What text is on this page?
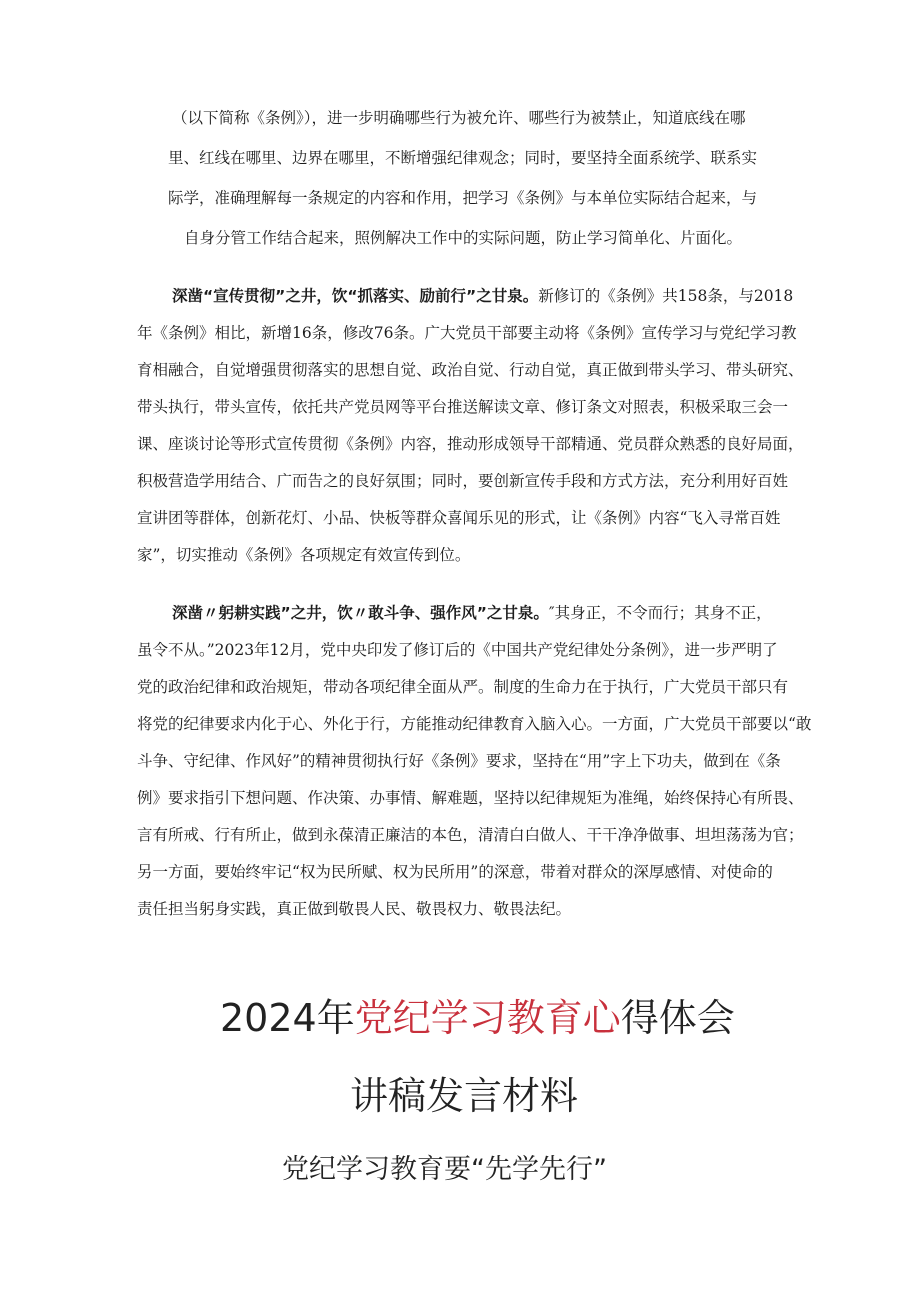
（以下简称《条例》），进一步明确哪些行为被允许、哪些行为被禁止，知道底线在哪
里、红线在哪里、边界在哪里，不断增强纪律观念；同时，要坚持全面系统学、联系实
际学，准确理解每一条规定的内容和作用，把学习《条例》与本单位实际结合起来，与
自身分管工作结合起来，照例解决工作中的实际问题，防止学习简单化、片面化。
深凿“宣传贯彻”之井，饮“抓落实、励前行”之甘泉。新修订的《条例》共158条，与2018
年《条例》相比，新增16条，修改76条。广大党员干部要主动将《条例》宣传学习与党纪学习教
育相融合，自觉增强贯彻落实的思想自觉、政治自觉、行动自觉，真正做到带头学习、带头研究、
带头执行，带头宣传，依托共产党员网等平台推送解读文章、修订条文对照表，积极采取三会一
课、座谈讨论等形式宣传贯彻《条例》内容，推动形成领导干部精通、党员群众熟悉的良好局面，
积极营造学用结合、广而告之的良好氛围；同时，要创新宣传手段和方式方法，充分利用好百姓
宣讲团等群体，创新花灯、小品、快板等群众喜闻乐见的形式，让《条例》内容“飞入寻常百姓
家”，切实推动《条例》各项规定有效宣传到位。
深凿〃躬耕实践”之井，饮〃敢斗争、强作风”之甘泉。″其身正，不令而行；其身不正，
虽令不从。”2023年12月，党中央印发了修订后的《中国共产党纪律处分条例》，进一步严明了
党的政治纪律和政治规矩，带动各项纪律全面从严。制度的生命力在于执行，广大党员干部只有
将党的纪律要求内化于心、外化于行，方能推动纪律教育入脑入心。一方面，广大党员干部要以“敢
斗争、守纪律、作风好”的精神贯彻执行好《条例》要求，坚持在“用”字上下功夫，做到在《条
例》要求指引下想问题、作决策、办事情、解难题，坚持以纪律规矩为准绳，始终保持心有所畏、
言有所戒、行有所止，做到永葆清正廉洁的本色，清清白白做人、干干净净做事、坦坦荡荡为官；
另一方面，要始终牢记“权为民所赋、权为民所用”的深意，带着对群众的深厚感情、对使命的
责任担当躬身实践，真正做到敬畏人民、敬畏权力、敬畏法纪。
2024年党纪学习教育心得体会
讲稿发言材料
党纪学习教育要“先学先行”
